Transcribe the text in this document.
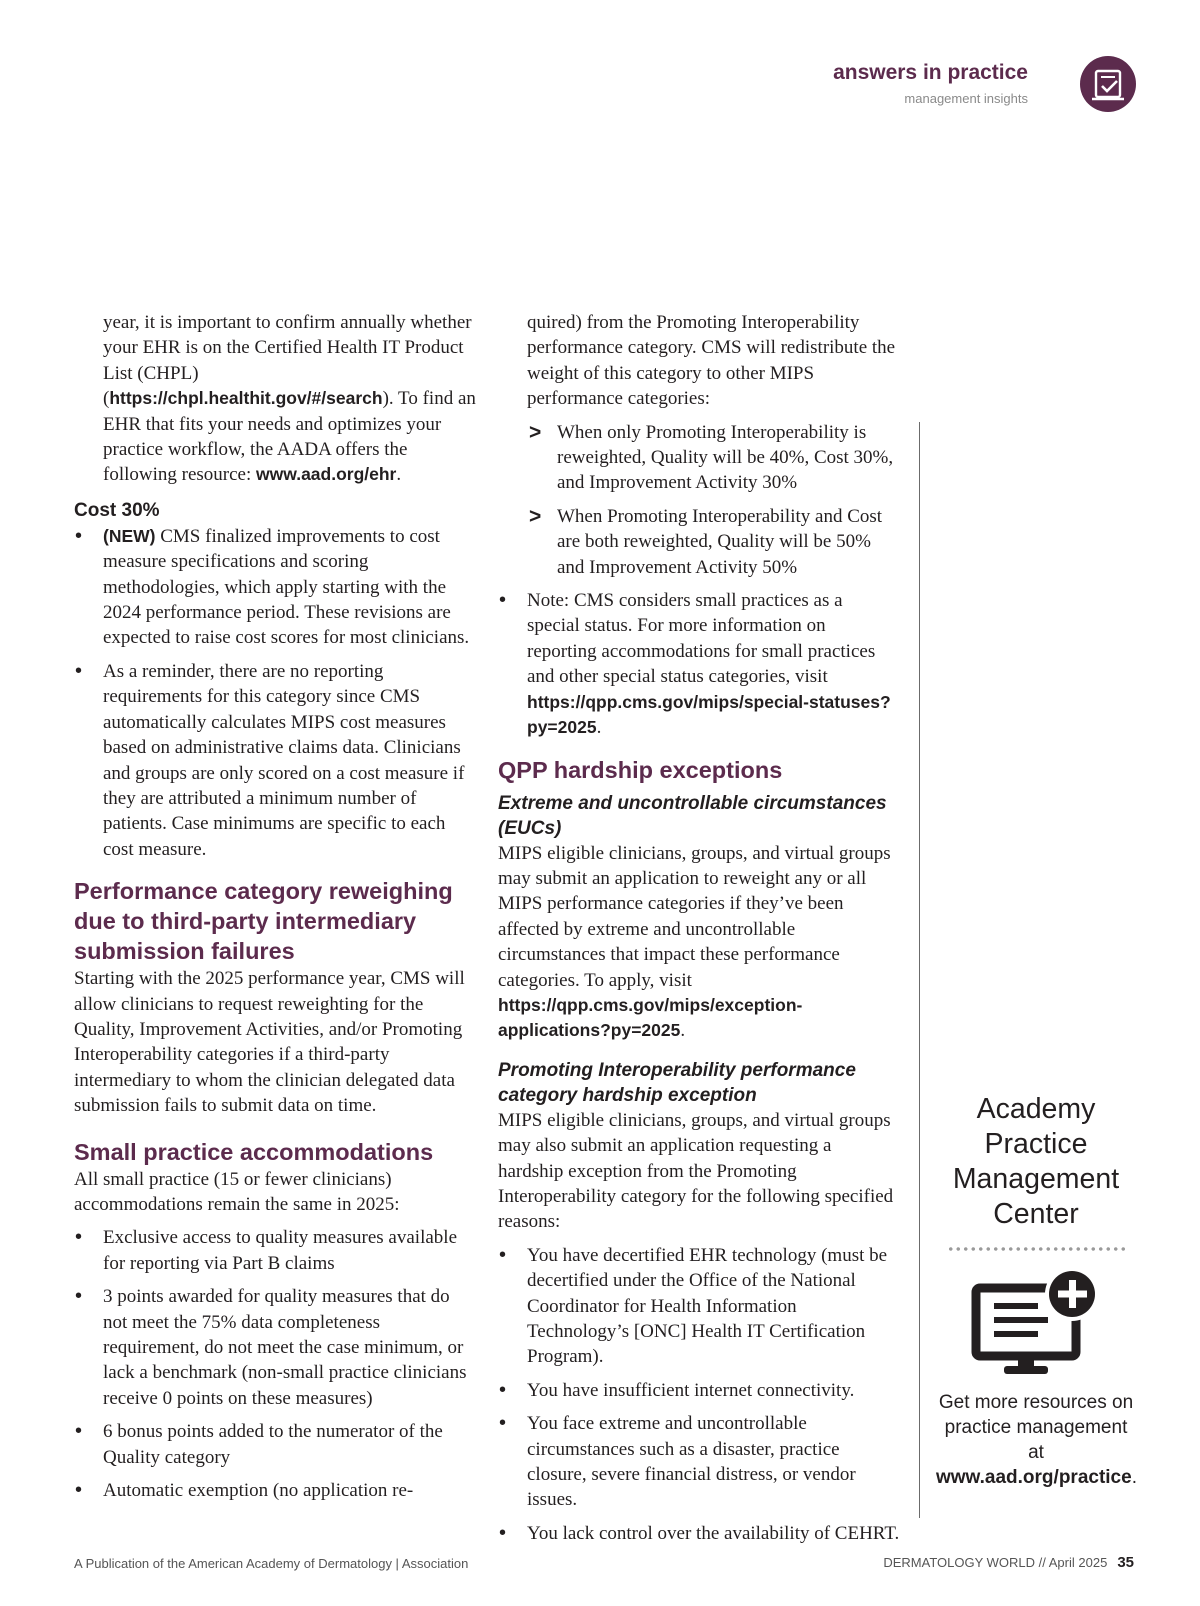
answers in practice
management insights

year, it is important to confirm annually whether your EHR is on the Certified Health IT Product List (CHPL) (https://chpl.healthit.gov/#/search). To find an EHR that fits your needs and optimizes your practice workflow, the AADA offers the following resource: www.aad.org/ehr.

Cost 30%
• (NEW) CMS finalized improvements to cost measure specifications and scoring methodologies, which apply starting with the 2024 performance period. These revisions are expected to raise cost scores for most clinicians.
• As a reminder, there are no reporting requirements for this category since CMS automatically calculates MIPS cost measures based on administrative claims data. Clinicians and groups are only scored on a cost measure if they are attributed a minimum number of patients. Case minimums are specific to each cost measure.
Performance category reweighing due to third-party intermediary submission failures

Starting with the 2025 performance year, CMS will allow clinicians to request reweighting for the Quality, Improvement Activities, and/or Promoting Interoperability categories if a third-party intermediary to whom the clinician delegated data submission fails to submit data on time.

Small practice accommodations

All small practice (15 or fewer clinicians) accommodations remain the same in 2025:

• Exclusive access to quality measures available for reporting via Part B claims
• 3 points awarded for quality measures that do not meet the 75% data completeness requirement, do not meet the case minimum, or lack a benchmark (non-small practice clinicians receive 0 points on these measures)
• 6 bonus points added to the numerator of the Quality category
• Automatic exemption (no application re-

quired) from the Promoting Interoperability performance category. CMS will redistribute the weight of this category to other MIPS performance categories:

> When only Promoting Interoperability is reweighted, Quality will be 40%, Cost 30%, and Improvement Activity 30%
> When Promoting Interoperability and Cost are both reweighted, Quality will be 50% and Improvement Activity 50%
• Note: CMS considers small practices as a special status. For more information on reporting accommodations for small practices and other special status categories, visit https://qpp.cms.gov/mips/special-statuses?py=2025.
QPP hardship exceptions
Extreme and uncontrollable circumstances (EUCs)

MIPS eligible clinicians, groups, and virtual groups may submit an application to reweight any or all MIPS performance categories if they’ve been affected by extreme and uncontrollable circumstances that impact these performance categories. To apply, visit https://qpp.cms.gov/mips/exception-applications?py=2025.

Promoting Interoperability performance category hardship exception

MIPS eligible clinicians, groups, and virtual groups may also submit an application requesting a hardship exception from the Promoting Interoperability category for the following specified reasons:

• You have decertified EHR technology (must be decertified under the Office of the National Coordinator for Health Information Technology’s [ONC] Health IT Certification Program).
• You have insufficient internet connectivity.
• You face extreme and uncontrollable circumstances such as a disaster, practice closure, severe financial distress, or vendor issues.
• You lack control over the availability of CEHRT.
Academy Practice Management Center
Get more resources on practice management at www.aad.org/practice.
A Publication of the American Academy of Dermatology | Association	DERMATOLOGY WORLD // April 2025 35
